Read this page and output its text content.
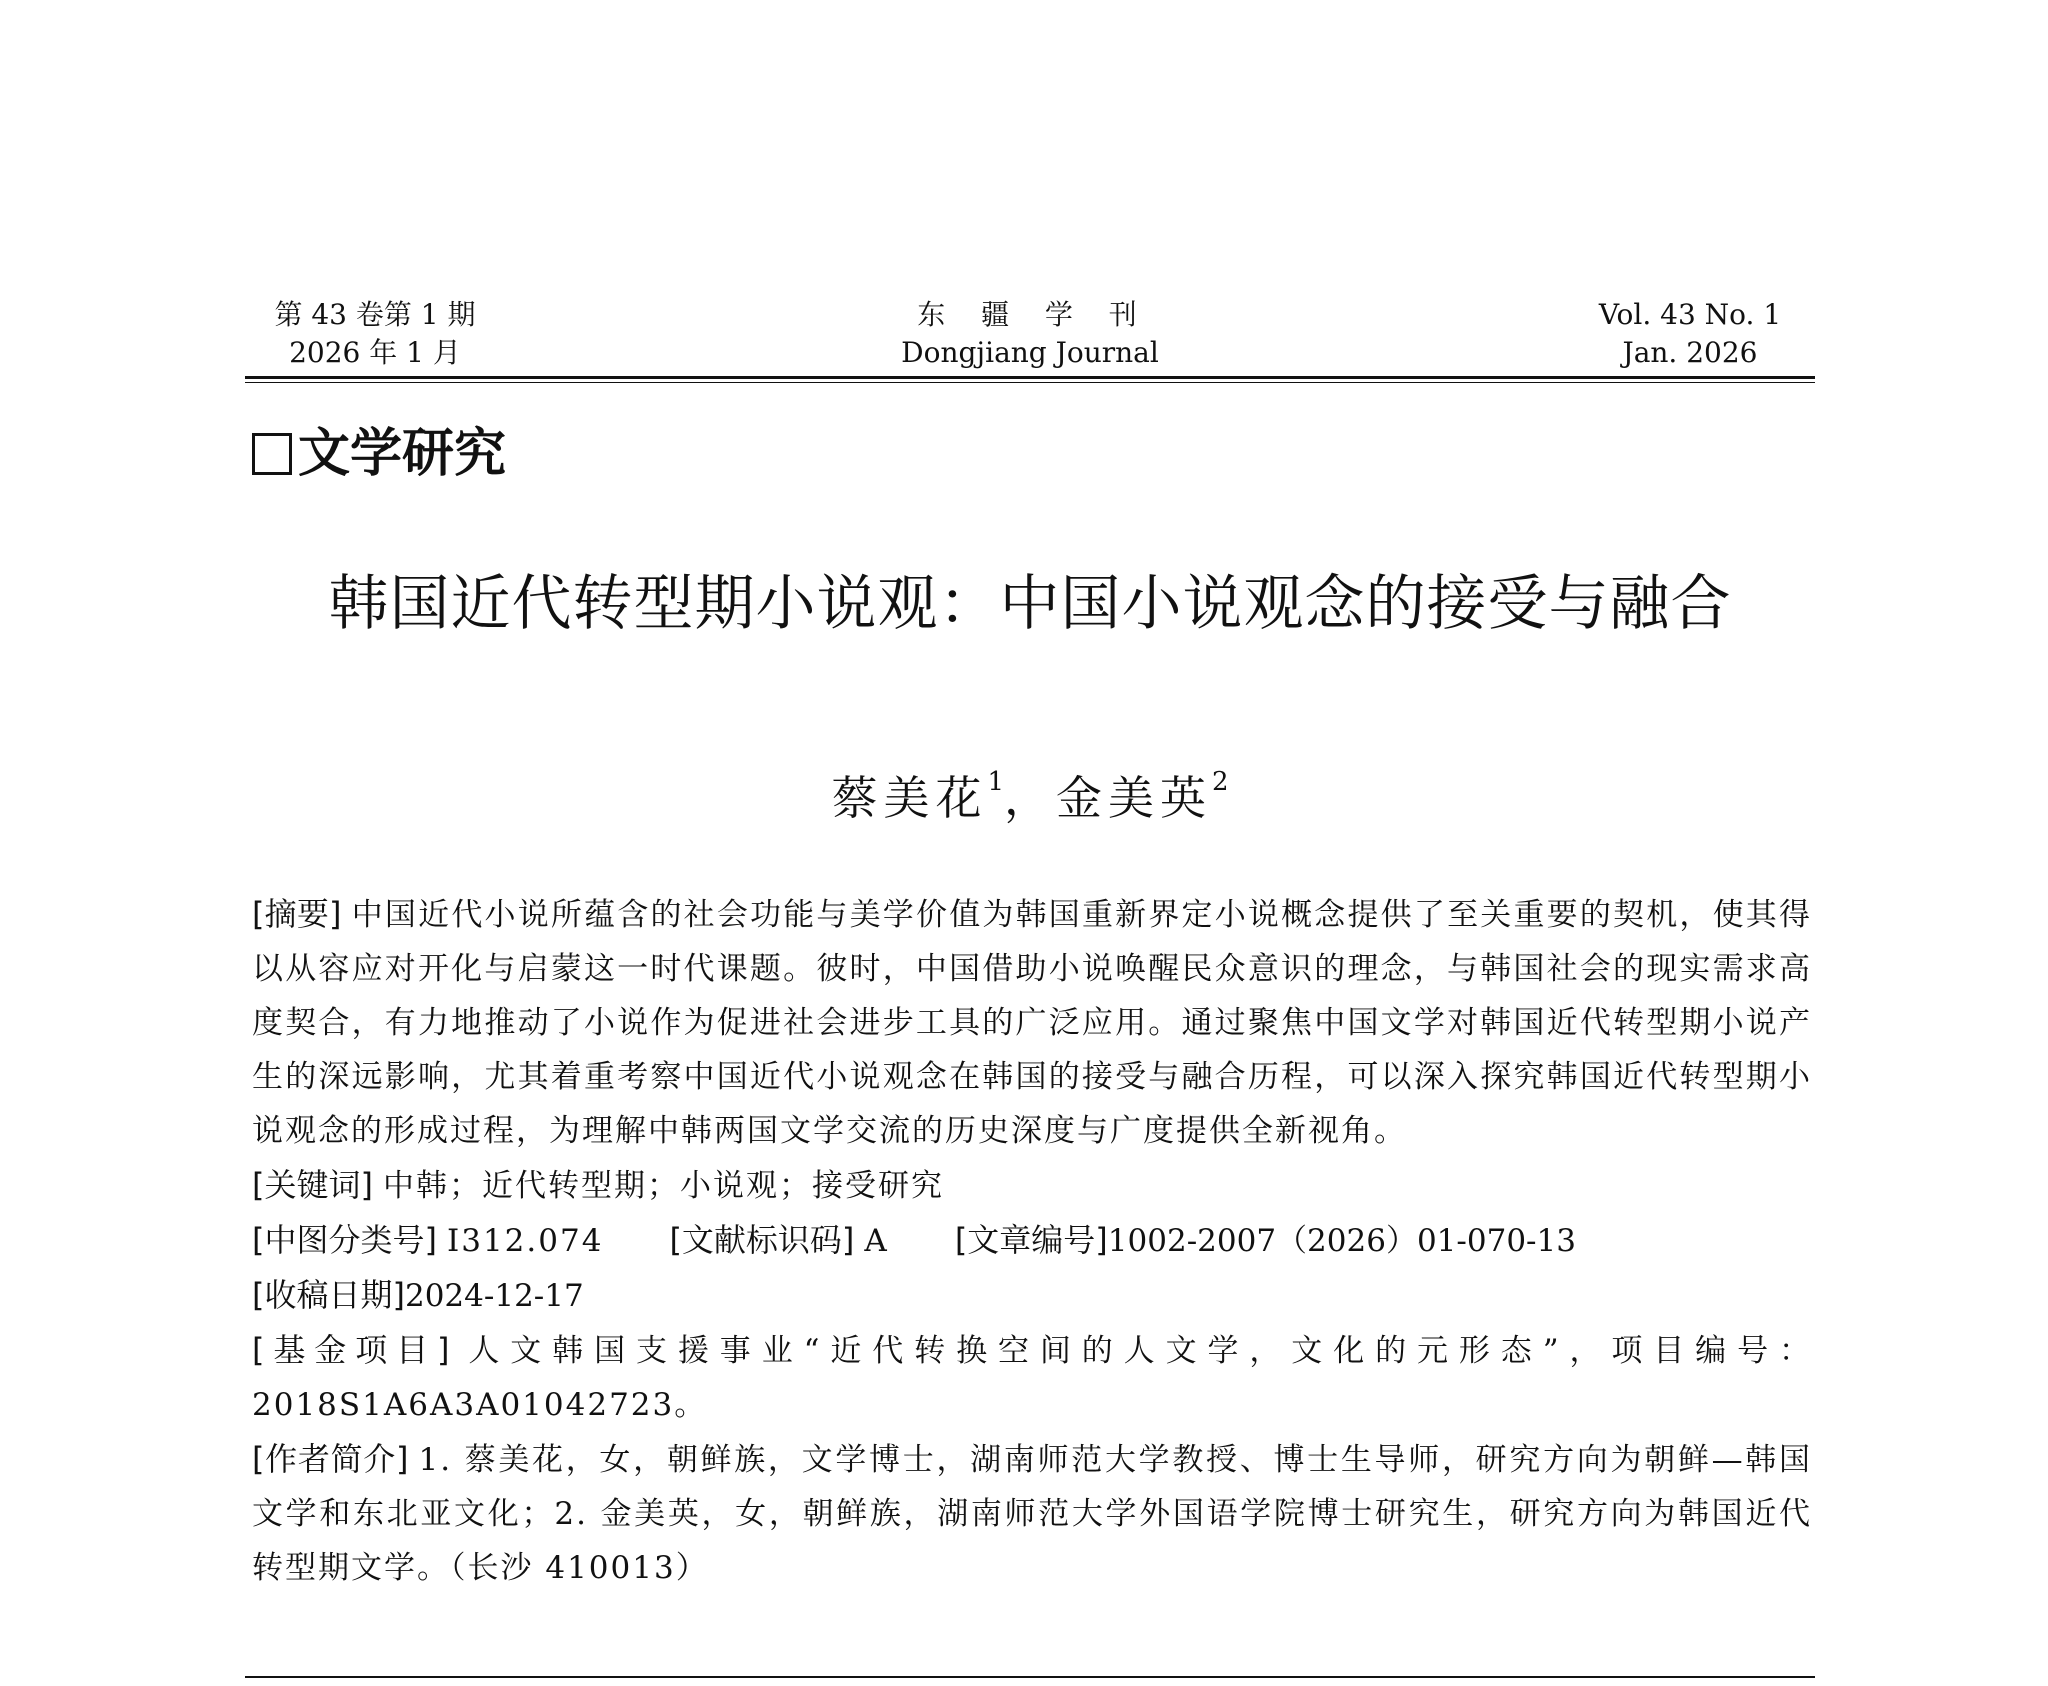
第 43 卷第 1 期
2026 年 1 月
东  疆  学  刊
Dongjiang Journal
Vol. 43 No. 1
Jan. 2026
文学研究
韩国近代转型期小说观：中国小说观念的接受与融合
蔡美花$^1$，金美英$^2$

[摘要] 中国近代小说所蕴含的社会功能与美学价值为韩国重新界定小说概念提供了至关重要的契机，使其得以从容应对开化与启蒙这一时代课题。彼时，中国借助小说唤醒民众意识的理念，与韩国社会的现实需求高度契合，有力地推动了小说作为促进社会进步工具的广泛应用。通过聚焦中国文学对韩国近代转型期小说产生的深远影响，尤其着重考察中国近代小说观念在韩国的接受与融合历程，可以深入探究韩国近代转型期小说观念的形成过程，为理解中韩两国文学交流的历史深度与广度提供全新视角。

[关键词] 中韩；近代转型期；小说观；接受研究

[中图分类号] I312.074 [文献标识码] A [文章编号]1002-2007（2026）01-070-13

[收稿日期]2024-12-17

[基金项目] 人文韩国支援事业“近代转换空间的人文学，文化的元形态”，项目编号：2018S1A6A3A01042723。

[作者简介] 1. 蔡美花，女，朝鲜族，文学博士，湖南师范大学教授、博士生导师，研究方向为朝鲜—韩国文学和东北亚文化；2. 金美英，女，朝鲜族，湖南师范大学外国语学院博士研究生，研究方向为韩国近代转型期文学。（长沙 410013）
